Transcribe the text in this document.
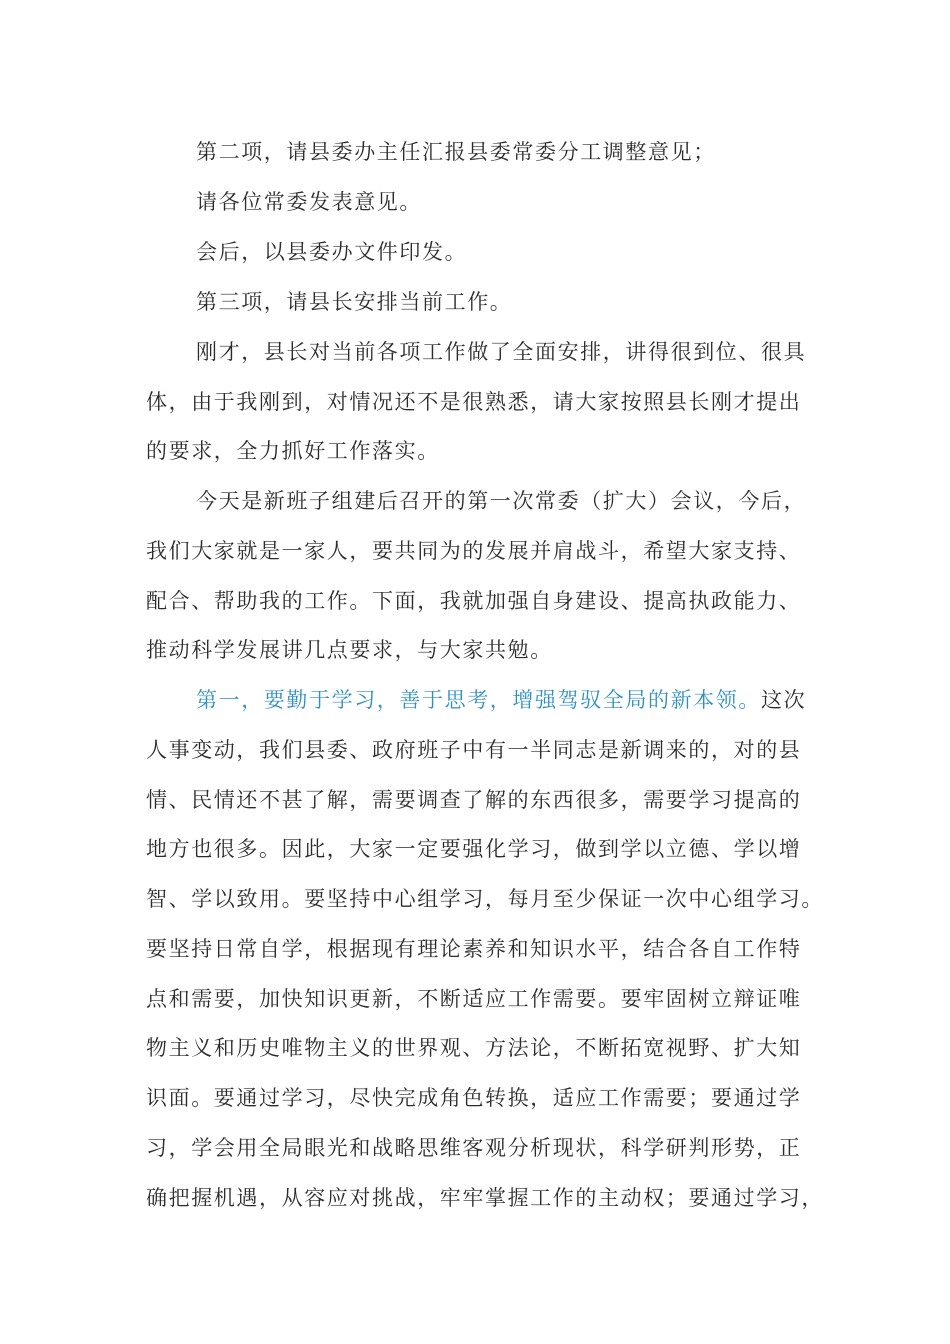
第二项，请县委办主任汇报县委常委分工调整意见；
请各位常委发表意见。
会后，以县委办文件印发。
第三项，请县长安排当前工作。
刚才，县长对当前各项工作做了全面安排，讲得很到位、很具
体，由于我刚到，对情况还不是很熟悉，请大家按照县长刚才提出
的要求，全力抓好工作落实。
今天是新班子组建后召开的第一次常委（扩大）会议，今后，
我们大家就是一家人，要共同为的发展并肩战斗，希望大家支持、
配合、帮助我的工作。下面，我就加强自身建设、提高执政能力、
推动科学发展讲几点要求，与大家共勉。
第一，要勤于学习，善于思考，增强驾驭全局的新本领。这次
人事变动，我们县委、政府班子中有一半同志是新调来的，对的县
情、民情还不甚了解，需要调查了解的东西很多，需要学习提高的
地方也很多。因此，大家一定要强化学习，做到学以立德、学以增
智、学以致用。要坚持中心组学习，每月至少保证一次中心组学习。
要坚持日常自学，根据现有理论素养和知识水平，结合各自工作特
点和需要，加快知识更新，不断适应工作需要。要牢固树立辩证唯
物主义和历史唯物主义的世界观、方法论，不断拓宽视野、扩大知
识面。要通过学习，尽快完成角色转换，适应工作需要；要通过学
习，学会用全局眼光和战略思维客观分析现状，科学研判形势，正
确把握机遇，从容应对挑战，牢牢掌握工作的主动权；要通过学习，
